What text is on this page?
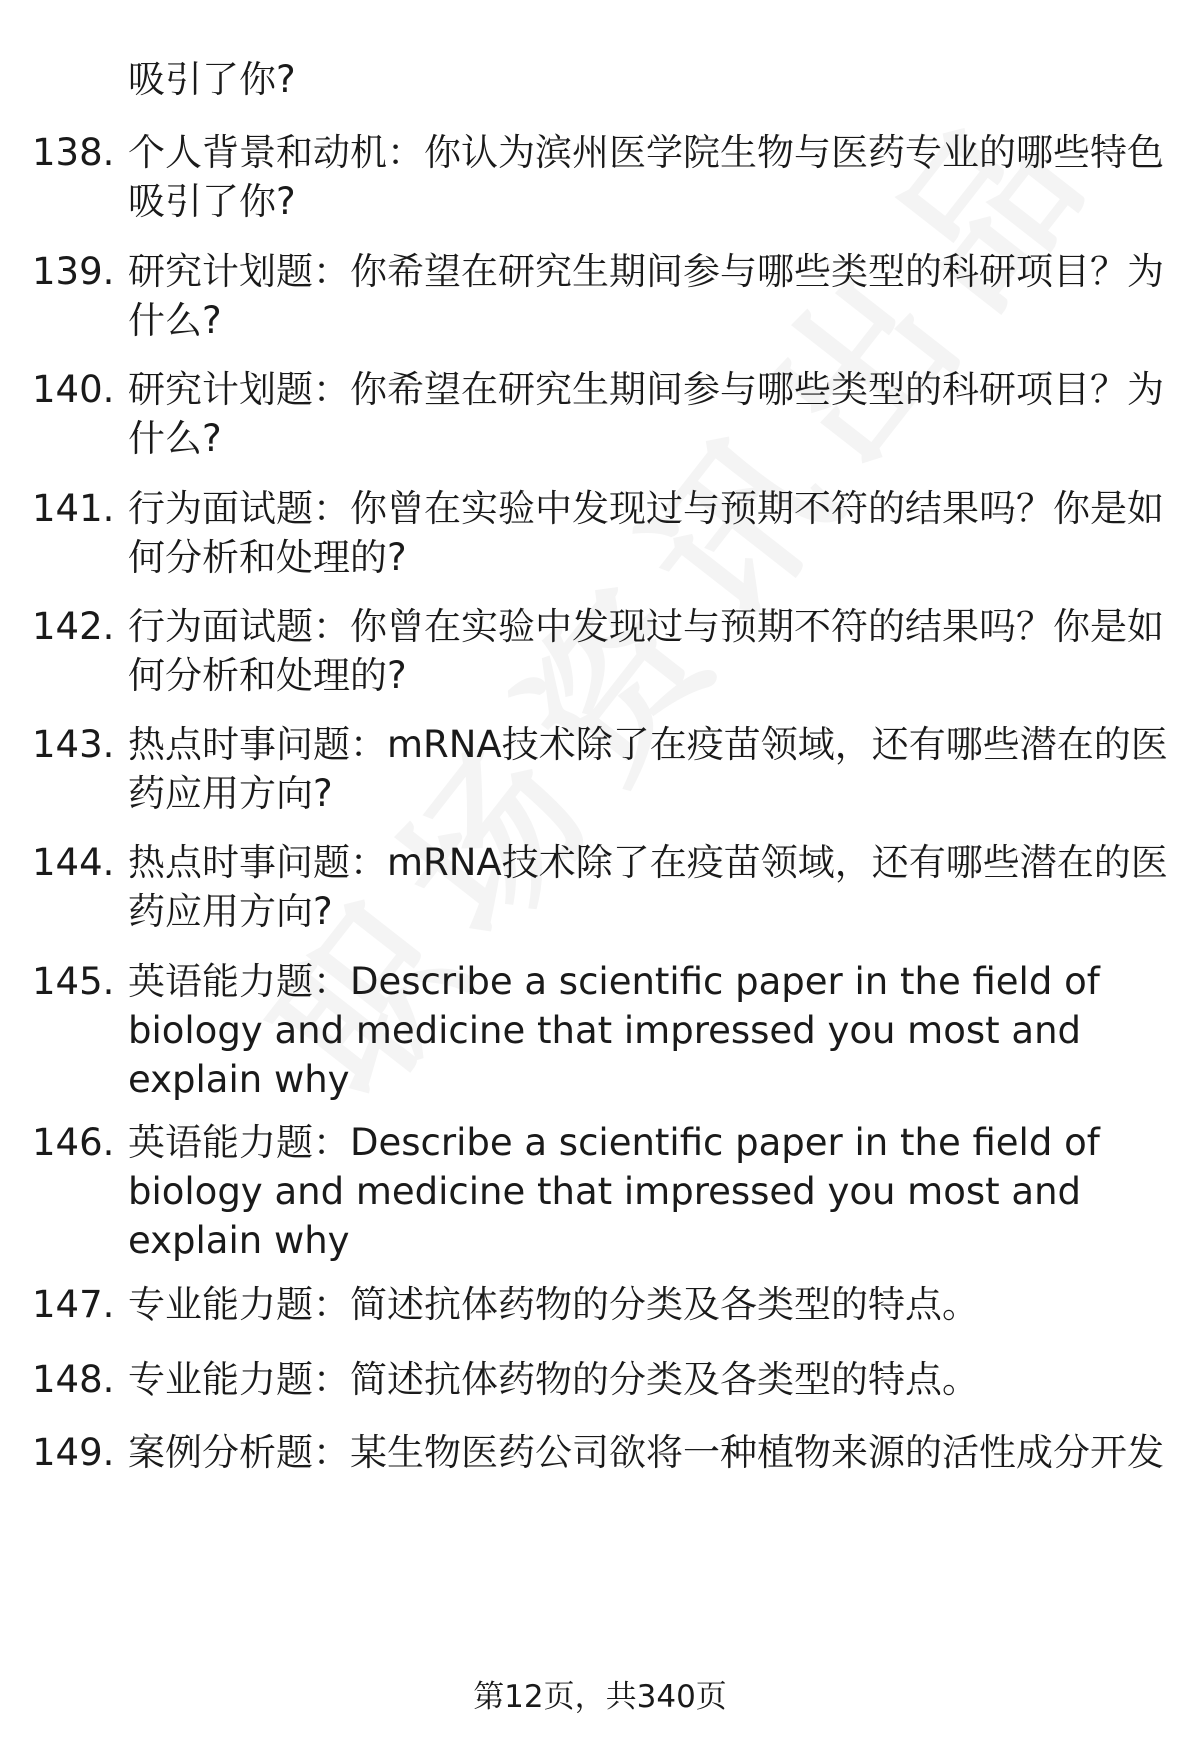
吸引了你?
138. 个人背景和动机：你认为滨州医学院生物与医药专业的哪些特色吸引了你?
139. 研究计划题：你希望在研究生期间参与哪些类型的科研项目？为什么?
140. 研究计划题：你希望在研究生期间参与哪些类型的科研项目？为什么?
141. 行为面试题：你曾在实验中发现过与预期不符的结果吗？你是如何分析和处理的?
142. 行为面试题：你曾在实验中发现过与预期不符的结果吗？你是如何分析和处理的?
143. 热点时事问题：mRNA技术除了在疫苗领域，还有哪些潜在的医药应用方向?
144. 热点时事问题：mRNA技术除了在疫苗领域，还有哪些潜在的医药应用方向?
145. 英语能力题：Describe a scientific paper in the field of biology and medicine that impressed you most and explain why
146. 英语能力题：Describe a scientific paper in the field of biology and medicine that impressed you most and explain why
147. 专业能力题：简述抗体药物的分类及各类型的特点。
148. 专业能力题：简述抗体药物的分类及各类型的特点。
149. 案例分析题：某生物医药公司欲将一种植物来源的活性成分开发
第12页，共340页
